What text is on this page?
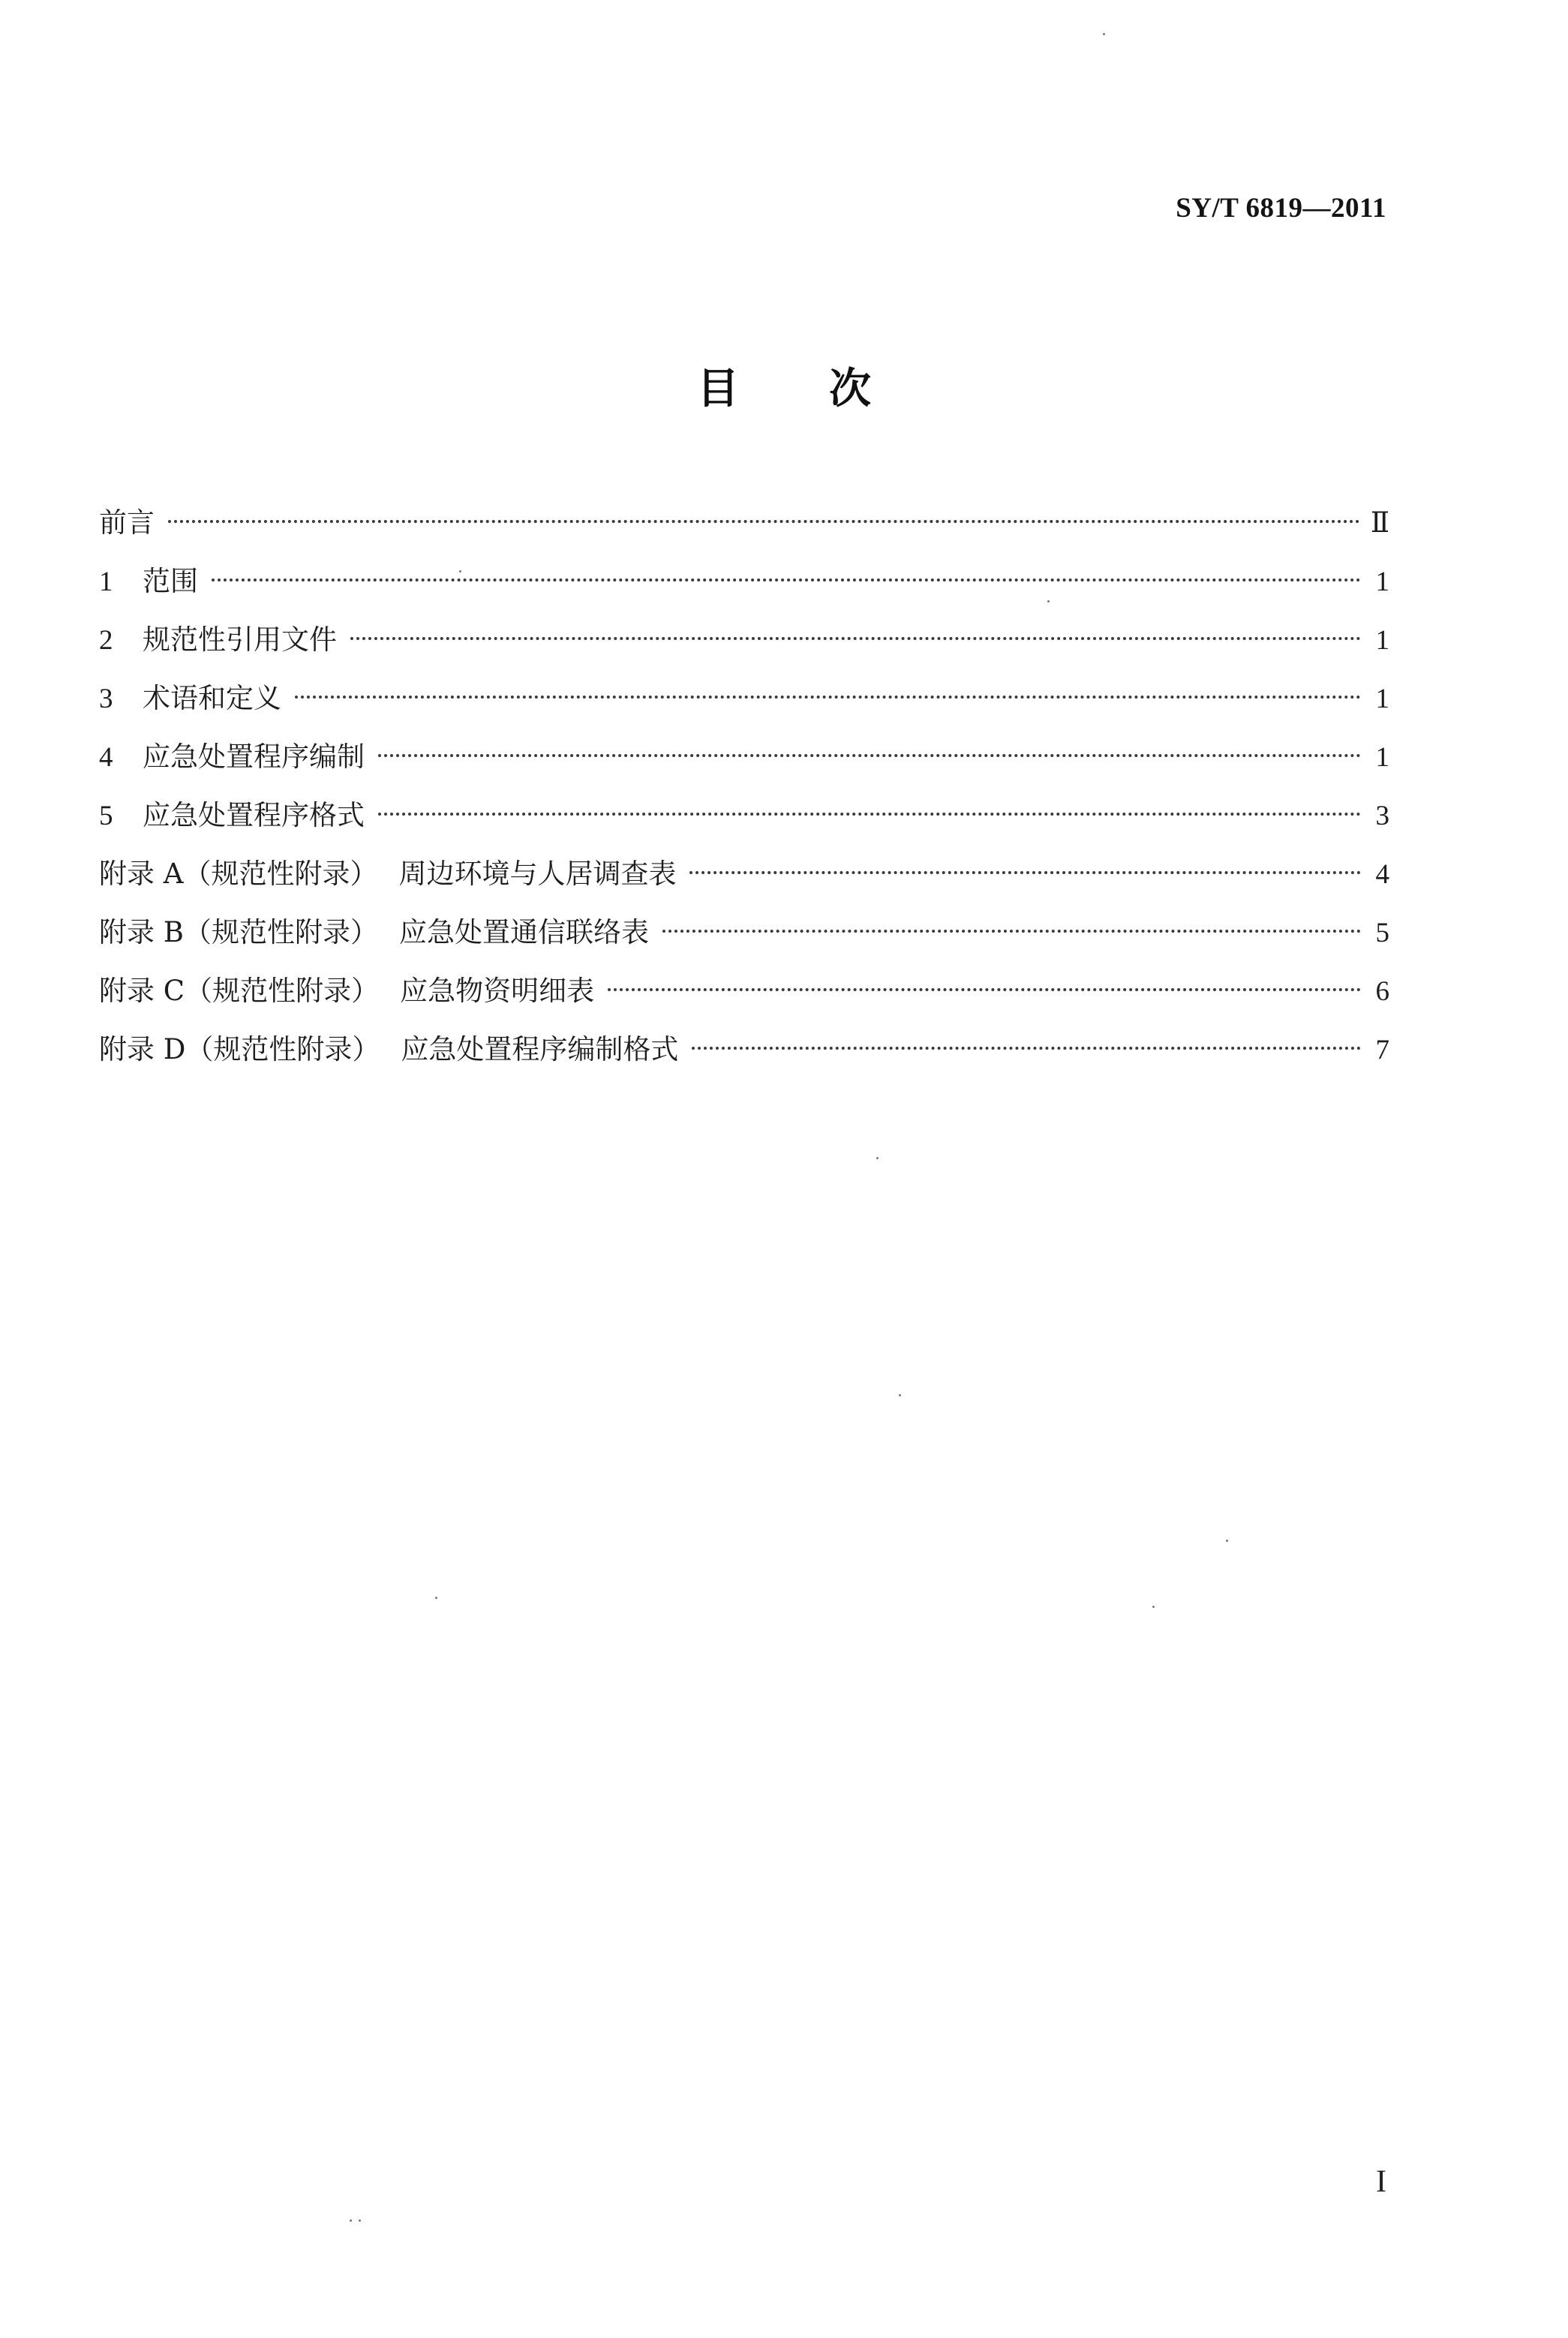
SY/T 6819—2011
目 次
前言	Ⅱ
1	范围	1
2	规范性引用文件	1
3	术语和定义	1
4	应急处置程序编制	1
5	应急处置程序格式	3
附录 A（规范性附录） 周边环境与人居调查表	4
附录 B（规范性附录） 应急处置通信联络表	5
附录 C（规范性附录） 应急物资明细表	6
附录 D（规范性附录） 应急处置程序编制格式	7
I
